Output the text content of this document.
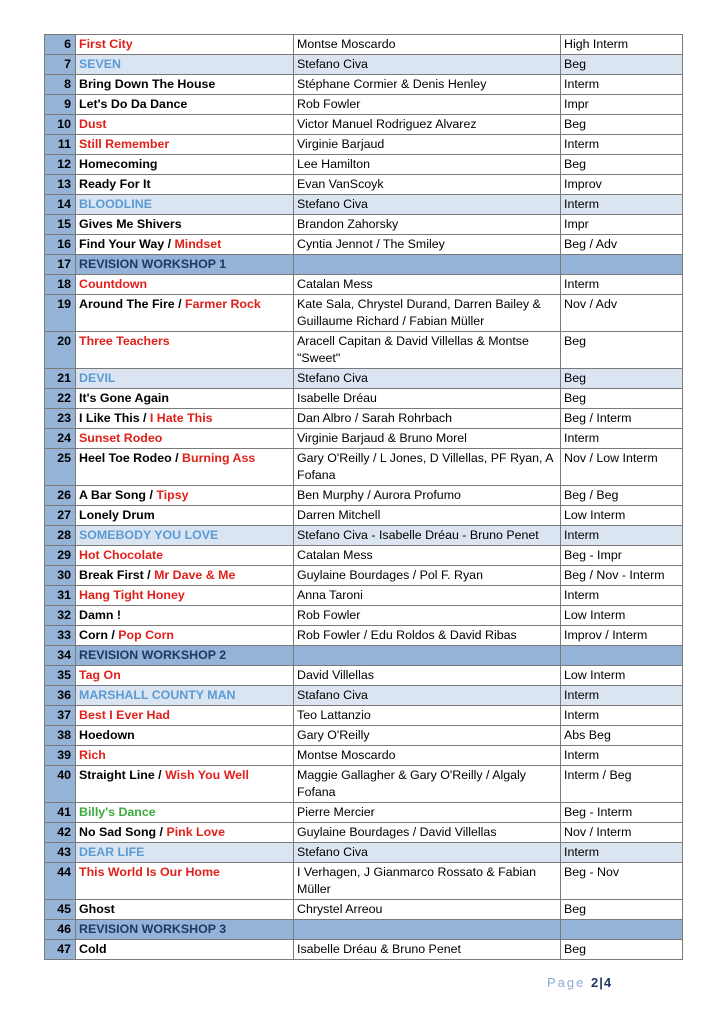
6	First City	Montse Moscardo	High Interm
7	SEVEN	Stefano Civa	Beg
8	Bring Down The House	Stéphane Cormier & Denis Henley	Interm
9	Let's Do Da Dance	Rob Fowler	Impr
10	Dust	Victor Manuel Rodriguez Alvarez	Beg
11	Still Remember	Virginie Barjaud	Interm
12	Homecoming	Lee Hamilton	Beg
13	Ready For It	Evan VanScoyk	Improv
14	BLOODLINE	Stefano Civa	Interm
15	Gives Me Shivers	Brandon Zahorsky	Impr
16	Find Your Way / Mindset	Cyntia Jennot / The Smiley	Beg / Adv
17	REVISION WORKSHOP 1		
18	Countdown	Catalan Mess	Interm
19	Around The Fire / Farmer Rock	Kate Sala, Chrystel Durand, Darren Bailey & Guillaume Richard / Fabian Müller	Nov / Adv
20	Three Teachers	Aracell Capitan & David Villellas & Montse "Sweet"	Beg
21	DEVIL	Stefano Civa	Beg
22	It's Gone Again	Isabelle Dréau	Beg
23	I Like This / I Hate This	Dan Albro / Sarah Rohrbach	Beg / Interm
24	Sunset Rodeo	Virginie Barjaud & Bruno Morel	Interm
25	Heel Toe Rodeo / Burning Ass	Gary O'Reilly / L Jones, D Villellas, PF Ryan, A Fofana	Nov / Low Interm
26	A Bar Song / Tipsy	Ben Murphy / Aurora Profumo	Beg / Beg
27	Lonely Drum	Darren Mitchell	Low Interm
28	SOMEBODY YOU LOVE	Stefano Civa - Isabelle Dréau - Bruno Penet	Interm
29	Hot Chocolate	Catalan Mess	Beg - Impr
30	Break First / Mr Dave & Me	Guylaine Bourdages / Pol F. Ryan	Beg / Nov - Interm
31	Hang Tight Honey	Anna Taroni	Interm
32	Damn !	Rob Fowler	Low Interm
33	Corn / Pop Corn	Rob Fowler / Edu Roldos & David Ribas	Improv / Interm
34	REVISION WORKSHOP 2		
35	Tag On	David Villellas	Low Interm
36	MARSHALL COUNTY MAN	Stafano Civa	Interm
37	Best I Ever Had	Teo Lattanzio	Interm
38	Hoedown	Gary O'Reilly	Abs Beg
39	Rich	Montse Moscardo	Interm
40	Straight Line / Wish You Well	Maggie Gallagher & Gary O'Reilly / Algaly Fofana	Interm / Beg
41	Billy's Dance	Pierre Mercier	Beg - Interm
42	No Sad Song / Pink Love	Guylaine Bourdages / David Villellas	Nov / Interm
43	DEAR LIFE	Stefano Civa	Interm
44	This World Is Our Home	I Verhagen, J Gianmarco Rossato & Fabian Müller	Beg - Nov
45	Ghost	Chrystel Arreou	Beg
46	REVISION WORKSHOP 3		
47	Cold	Isabelle Dréau & Bruno Penet	Beg
Page 2|4
